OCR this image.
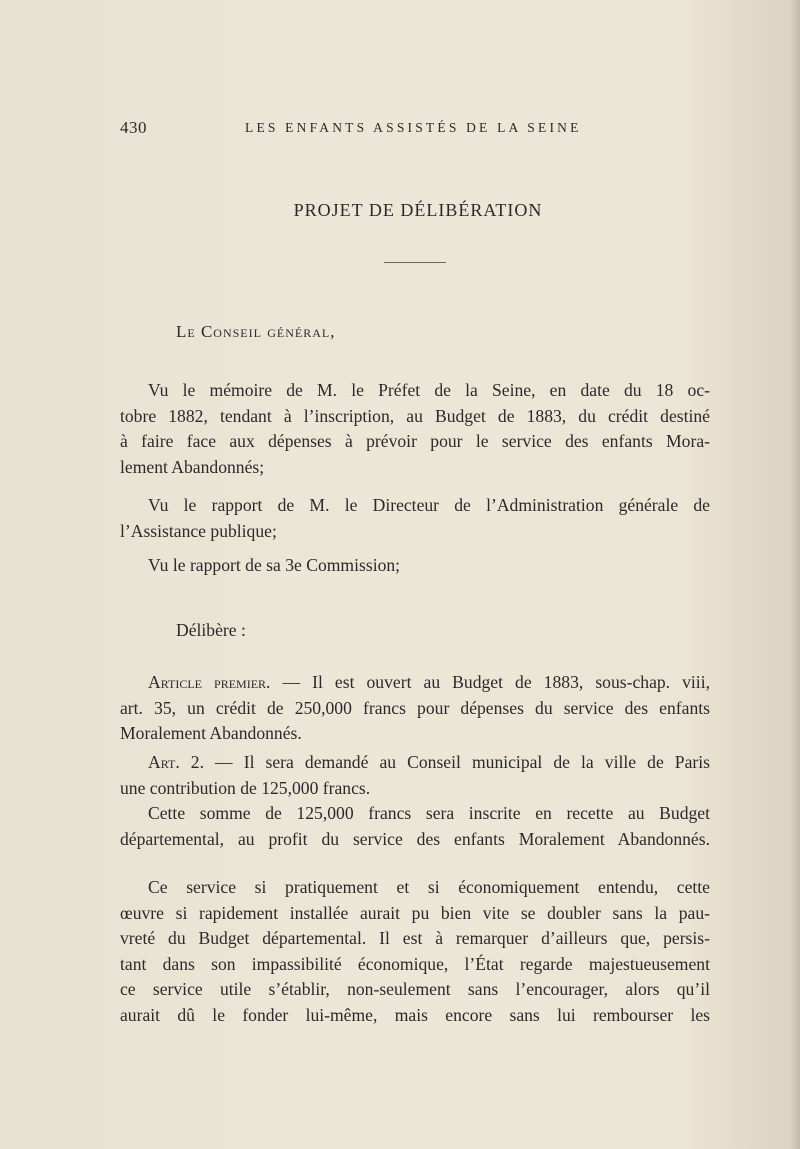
430	LES ENFANTS ASSISTÉS DE LA SEINE
PROJET DE DÉLIBÉRATION
Le Conseil général,
Vu le mémoire de M. le Préfet de la Seine, en date du 18 oc-
tobre 1882, tendant à l’inscription, au Budget de 1883, du crédit destiné
à faire face aux dépenses à prévoir pour le service des enfants Mora-
lement Abandonnés;
Vu le rapport de M. le Directeur de l’Administration générale de
l’Assistance publique;
Vu le rapport de sa 3e Commission;
Délibère :
Article premier. — Il est ouvert au Budget de 1883, sous-chap. viii,
art. 35, un crédit de 250,000 francs pour dépenses du service des enfants
Moralement Abandonnés.
Art. 2. — Il sera demandé au Conseil municipal de la ville de Paris
une contribution de 125,000 francs.
Cette somme de 125,000 francs sera inscrite en recette au Budget
départemental, au profit du service des enfants Moralement Abandonnés.
Ce service si pratiquement et si économiquement entendu, cette
œuvre si rapidement installée aurait pu bien vite se doubler sans la pau-
vreté du Budget départemental. Il est à remarquer d’ailleurs que, persis-
tant dans son impassibilité économique, l’État regarde majestueusement
ce service utile s’établir, non-seulement sans l’encourager, alors qu’il
aurait dû le fonder lui-même, mais encore sans lui rembourser les
